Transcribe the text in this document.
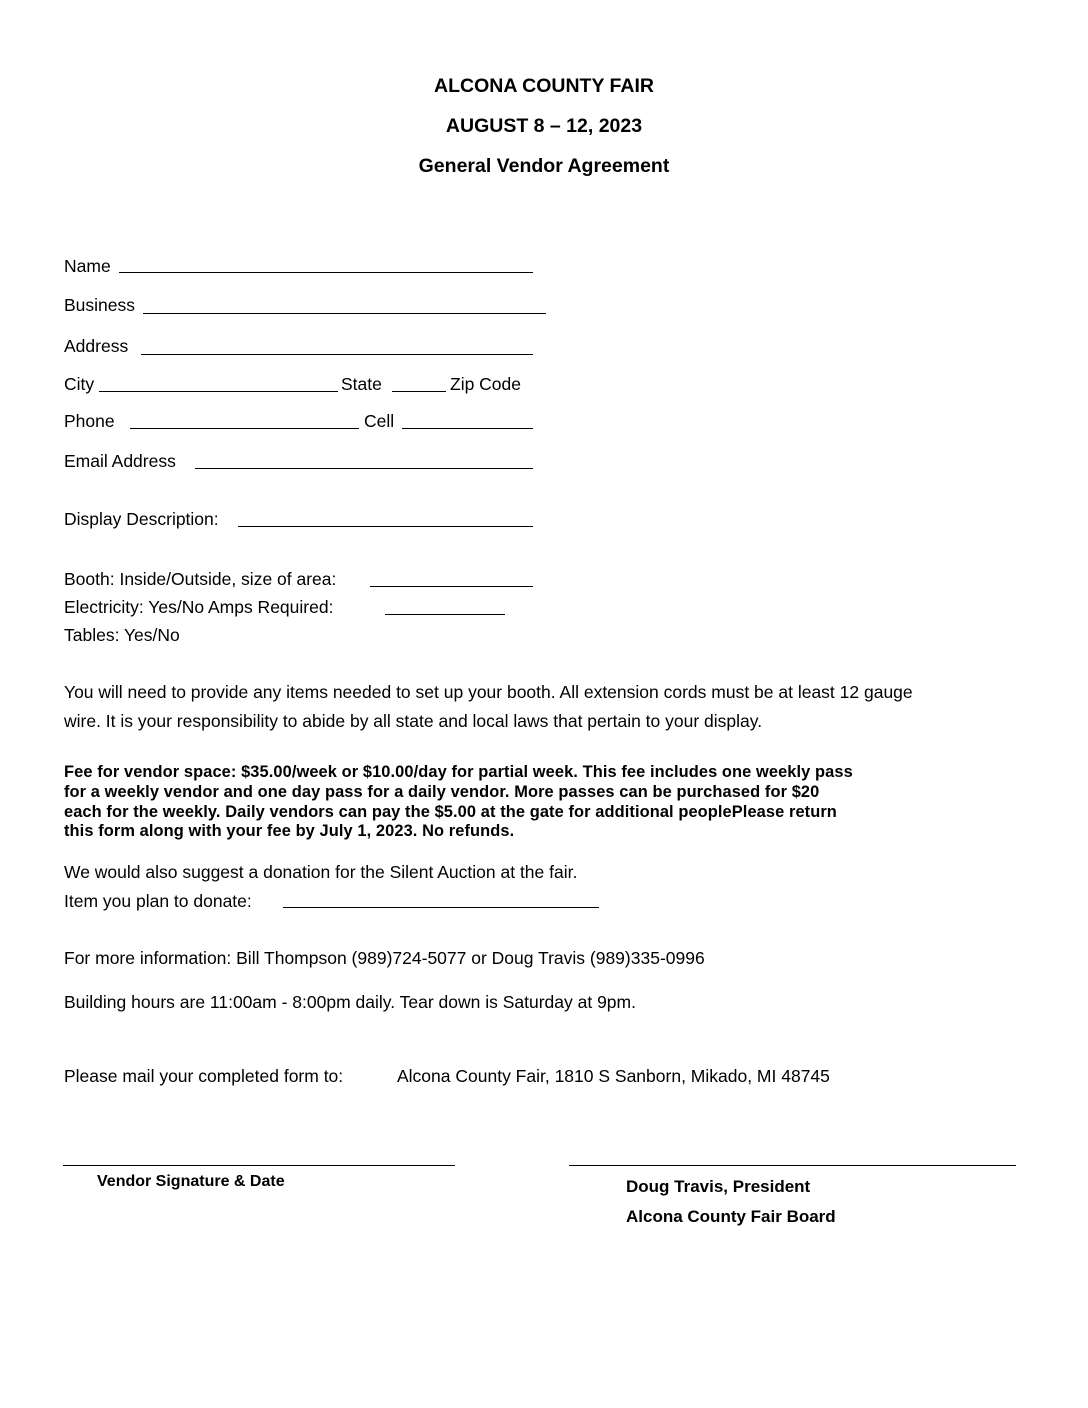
ALCONA COUNTY FAIR
AUGUST 8 – 12, 2023
General Vendor Agreement
Name
Business
Address
City	State	Zip Code
Phone	Cell
Email Address
Display Description:
Booth: Inside/Outside, size of area:
Electricity: Yes/No Amps Required:
Tables: Yes/No
You will need to provide any items needed to set up your booth. All extension cords must be at least 12 gauge
wire. It is your responsibility to abide by all state and local laws that pertain to your display.
Fee for vendor space: $35.00/week or $10.00/day for partial week. This fee includes one weekly pass
for a weekly vendor and one day pass for a daily vendor. More passes can be purchased for $20
each for the weekly. Daily vendors can pay the $5.00 at the gate for additional peoplePlease return
this form along with your fee by July 1, 2023. No refunds.
We would also suggest a donation for the Silent Auction at the fair.
Item you plan to donate:
For more information: Bill Thompson (989)724-5077 or Doug Travis (989)335-0996
Building hours are 11:00am - 8:00pm daily. Tear down is Saturday at 9pm.
Please mail your completed form to:	Alcona County Fair, 1810 S Sanborn, Mikado, MI 48745
Vendor Signature & Date	Doug Travis, President
Alcona County Fair Board
